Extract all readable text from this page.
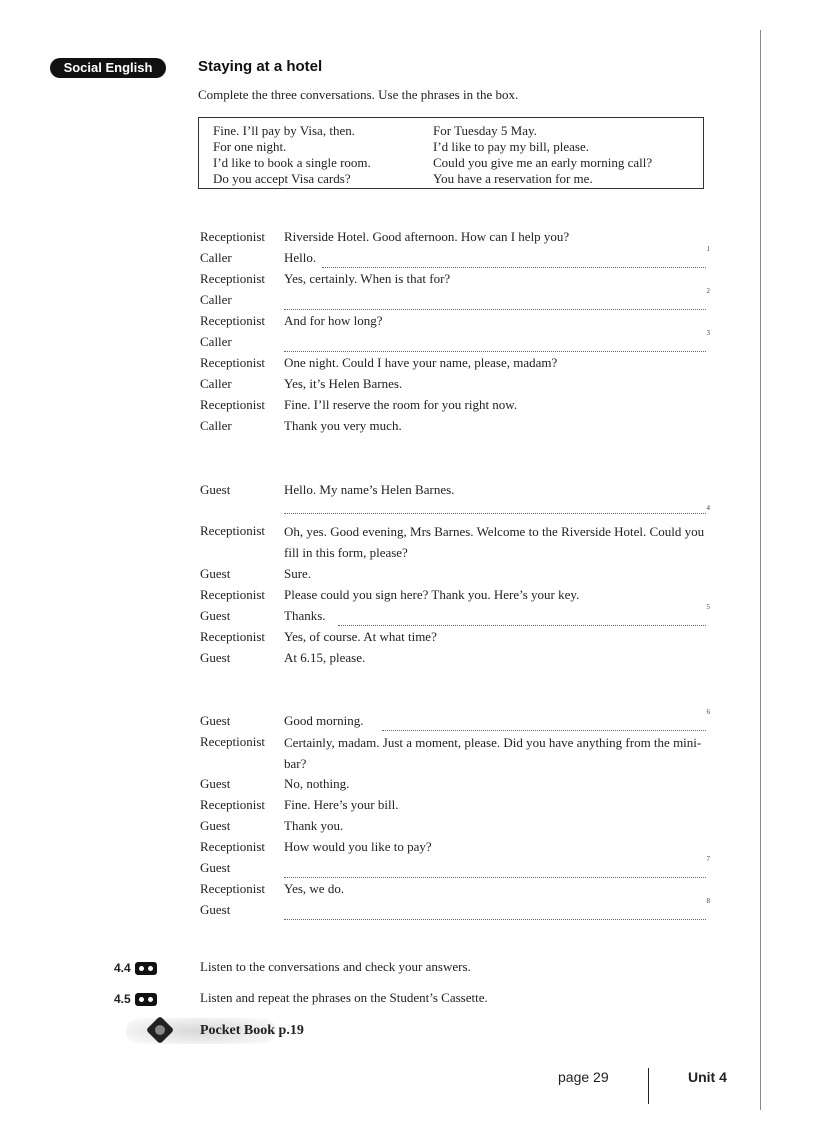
Social English	Staying at a hotel
Complete the three conversations. Use the phrases in the box.
Fine. I’ll pay by Visa, then.
For one night.
I’d like to book a single room.
Do you accept Visa cards?
For Tuesday 5 May.
I’d like to pay my bill, please.
Could you give me an early morning call?
You have a reservation for me.
Receptionist Riverside Hotel. Good afternoon. How can I help you?
Caller	Hello.
1
Receptionist Yes, certainly. When is that for?
Caller
2
Receptionist And for how long?
Caller
3
Receptionist One night. Could I have your name, please, madam?
Caller	Yes, it’s Helen Barnes.
Receptionist Fine. I’ll reserve the room for you right now.
Caller	Thank you very much.
Guest	Hello. My name’s Helen Barnes.
4
Receptionist Oh, yes. Good evening, Mrs Barnes. Welcome to the Riverside Hotel. Could you fill in this form, please?
Guest	Sure.
Receptionist Please could you sign here? Thank you. Here’s your key.
Guest	Thanks.
5
Receptionist Yes, of course. At what time?
Guest	At 6.15, please.
Guest	Good morning.
6
Receptionist Certainly, madam. Just a moment, please. Did you have anything from the mini-bar?
Guest	No, nothing.
Receptionist Fine. Here’s your bill.
Guest	Thank you.
Receptionist How would you like to pay?
Guest
7
Receptionist Yes, we do.
Guest
8
4.4	Listen to the conversations and check your answers.
4.5	Listen and repeat the phrases on the Student’s Cassette.
Pocket Book p.19
page 29	Unit 4
